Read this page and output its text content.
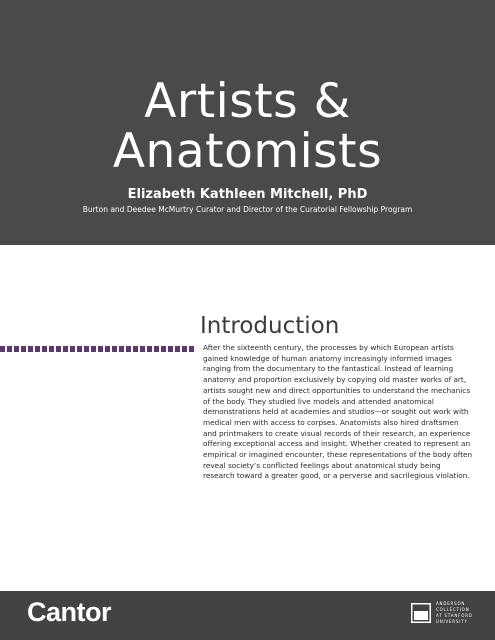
Artists &
Anatomists
Elizabeth Kathleen Mitchell, PhD
Burton and Deedee McMurtry Curator and Director of the Curatorial Fellowship Program
Introduction

After the sixteenth century, the processes by which European artists gained knowledge of human anatomy increasingly informed images ranging from the documentary to the fantastical. Instead of learning anatomy and proportion exclusively by copying old master works of art, artists sought new and direct opportunities to understand the mechanics of the body. They studied live models and attended anatomical demonstrations held at academies and studios—or sought out work with medical men with access to corpses. Anatomists also hired draftsmen and printmakers to create visual records of their research, an experience offering exceptional access and insight. Whether created to represent an empirical or imagined encounter, these representations of the body often reveal society’s conflicted feelings about anatomical study being research toward a greater good, or a perverse and sacrilegious violation.

Cantor	ANDERSON
COLLECTION
AT STANFORD
UNIVERSITY
